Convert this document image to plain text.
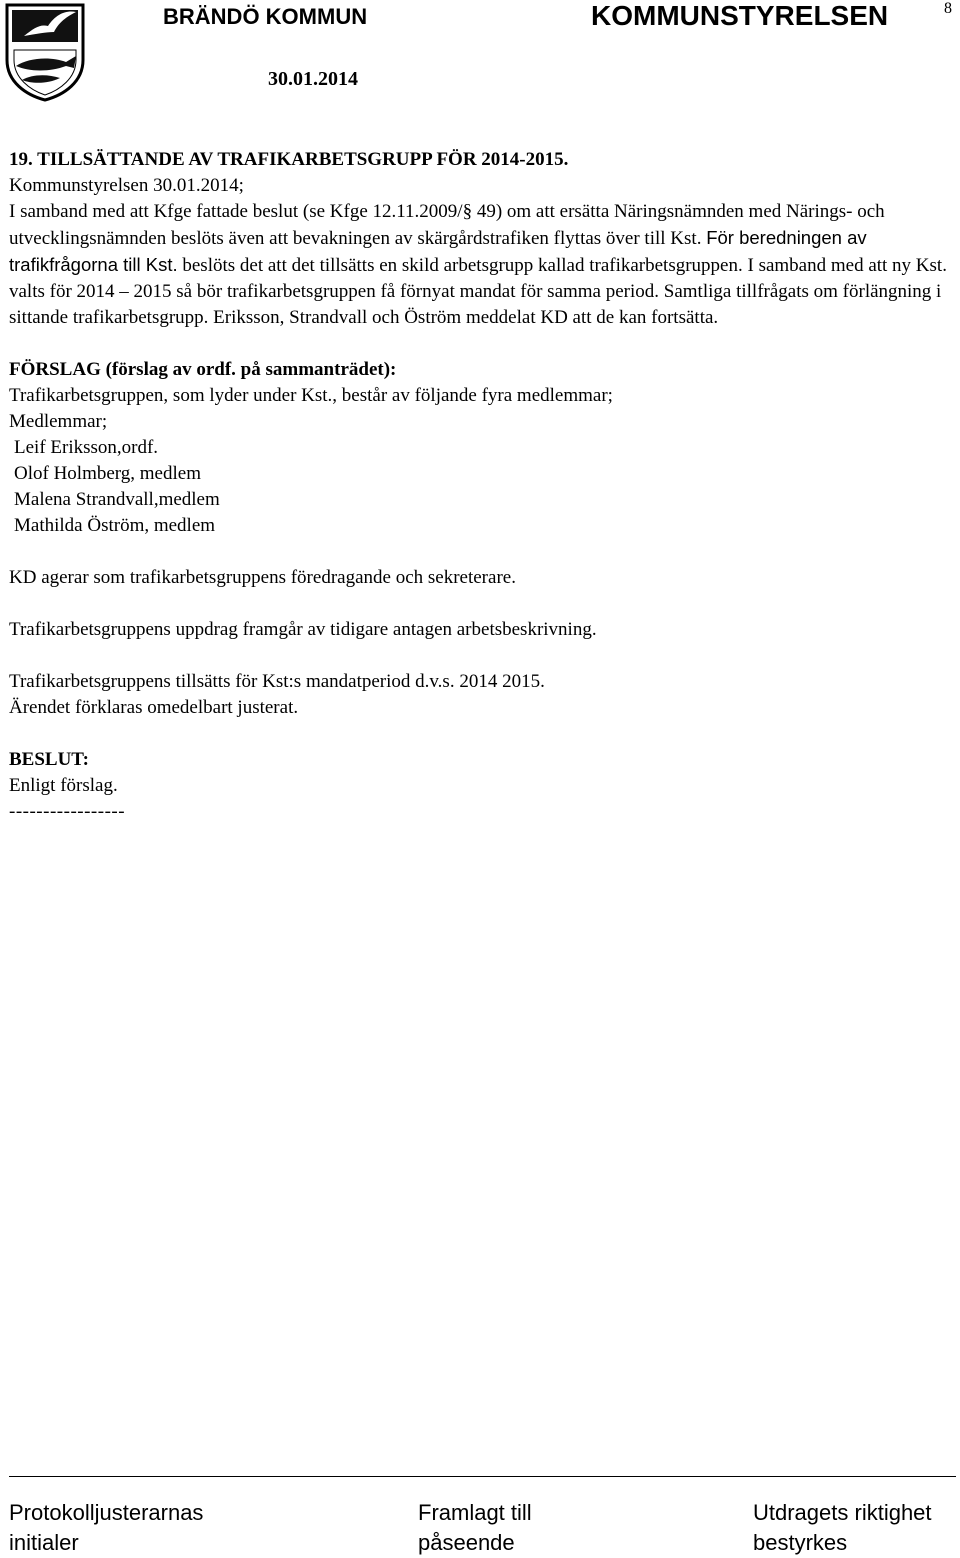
BRÄNDÖ KOMMUN	KOMMUNSTYRELSEN	8
30.01.2014

19. TILLSÄTTANDE AV TRAFIKARBETSGRUPP FÖR 2014-2015.

Kommunstyrelsen 30.01.2014;

I samband med att Kfge fattade beslut (se Kfge 12.11.2009/§ 49) om att ersätta Näringsnämnden med Närings- och utvecklingsnämnden beslöts även att bevakningen av skärgårdstrafiken flyttas över till Kst. För beredningen av trafikfrågorna till Kst. beslöts det att det tillsätts en skild arbetsgrupp kallad trafikarbetsgruppen. I samband med att ny Kst. valts för 2014 – 2015 så bör trafikarbetsgruppen få förnyat mandat för samma period. Samtliga tillfrågats om förlängning i sittande trafikarbetsgrupp. Eriksson, Strandvall och Öström meddelat KD att de kan fortsätta.

FÖRSLAG (förslag av ordf. på sammanträdet):

Trafikarbetsgruppen, som lyder under Kst., består av följande fyra medlemmar;

Medlemmar;

Leif Eriksson,ordf.

Olof Holmberg, medlem

Malena Strandvall,medlem

Mathilda Öström, medlem

KD agerar som trafikarbetsgruppens föredragande och sekreterare.

Trafikarbetsgruppens uppdrag framgår av tidigare antagen arbetsbeskrivning.

Trafikarbetsgruppens tillsätts för Kst:s mandatperiod d.v.s. 2014 2015.

Ärendet förklaras omedelbart justerat.

BESLUT:

Enligt förslag.

-----------------

Protokolljusterarnas
initialer
Framlagt till
påseende
Utdragets riktighet
bestyrkes
